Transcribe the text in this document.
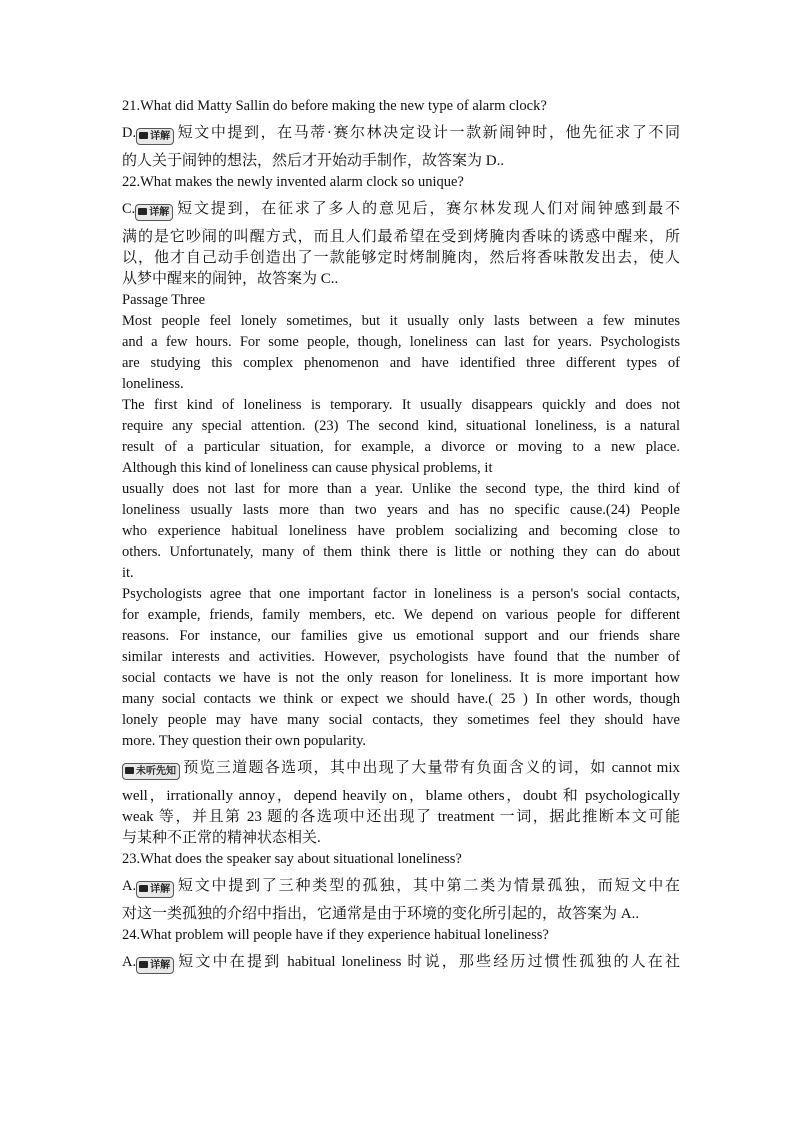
21.What did Matty Sallin do before making the new type of alarm clock?
D. 详解 短文中提到，在马蒂·赛尔林决定设计一款新闹钟时，他先征求了不同
的人关于闹钟的想法，然后才开始动手制作，故答案为 D..
22.What makes the newly invented alarm clock so unique?
C. 详解 短文提到，在征求了多人的意见后，赛尔林发现人们对闹钟感到最不
满的是它吵闹的叫醒方式，而且人们最希望在受到烤腌肉香味的诱惑中醒来，所
以，他才自己动手创造出了一款能够定时烤制腌肉，然后将香味散发出去，使人
从梦中醒来的闹钟，故答案为 C..
Passage Three
Most people feel lonely sometimes, but it usually only lasts between a few minutes
and a few hours. For some people, though, loneliness can last for years. Psychologists
are studying this complex phenomenon and have identified three different types of
loneliness.
The first kind of loneliness is temporary. It usually disappears quickly and does not
require any special attention. (23) The second kind, situational loneliness, is a natural
result of a particular situation, for example, a divorce or moving to a new place.
Although this kind of loneliness can cause physical problems, it
usually does not last for more than a year. Unlike the second type, the third kind of
loneliness usually lasts more than two years and has no specific cause.(24) People
who experience habitual loneliness have problem socializing and becoming close to
others. Unfortunately, many of them think there is little or nothing they can do about
it.
Psychologists agree that one important factor in loneliness is a person's social contacts,
for example, friends, family members, etc. We depend on various people for different
reasons. For instance, our families give us emotional support and our friends share
similar interests and activities. However, psychologists have found that the number of
social contacts we have is not the only reason for loneliness. It is more important how
many social contacts we think or expect we should have.( 25 ) In other words, though
lonely people may have many social contacts, they sometimes feel they should have
more. They question their own popularity.
未听先知 预览三道题各选项，其中出现了大量带有负面含义的词，如 cannot mix
well，irrationally annoy，depend heavily on，blame others，doubt 和 psychologically
weak 等，并且第 23 题的各选项中还出现了 treatment 一词，据此推断本文可能
与某种不正常的精神状态相关.
23.What does the speaker say about situational loneliness?
A. 详解 短文中提到了三种类型的孤独，其中第二类为情景孤独，而短文中在
对这一类孤独的介绍中指出，它通常是由于环境的变化所引起的，故答案为 A..
24.What problem will people have if they experience habitual loneliness?
A. 详解 短文中在提到 habitual loneliness 时说，那些经历过惯性孤独的人在社
